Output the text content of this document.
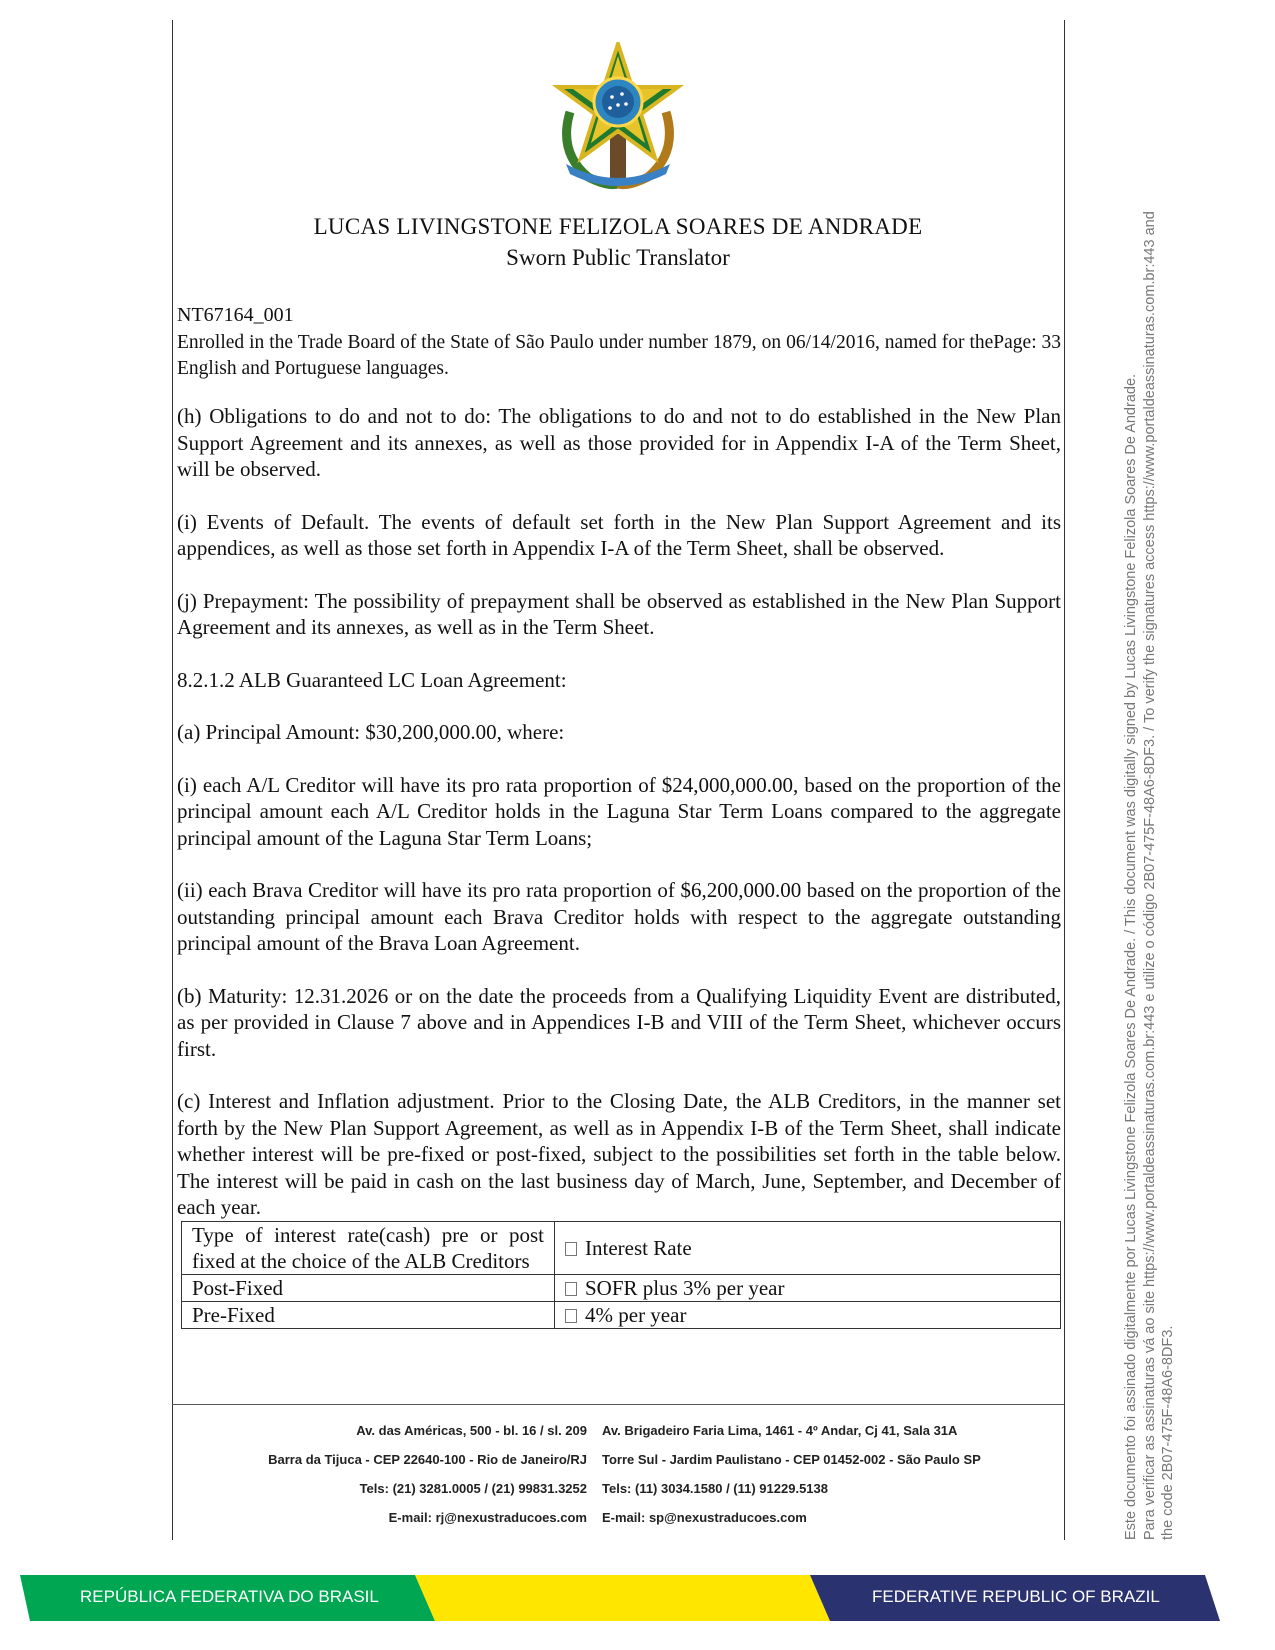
LUCAS LIVINGSTONE FELIZOLA SOARES DE ANDRADE
Sworn Public Translator
NT67164_001
Page: 33
Enrolled in the Trade Board of the State of São Paulo under number 1879, on 06/14/2016, named for the English and Portuguese languages.

(h) Obligations to do and not to do: The obligations to do and not to do established in the New Plan Support Agreement and its annexes, as well as those provided for in Appendix I-A of the Term Sheet, will be observed.

(i) Events of Default. The events of default set forth in the New Plan Support Agreement and its appendices, as well as those set forth in Appendix I-A of the Term Sheet, shall be observed.

(j) Prepayment: The possibility of prepayment shall be observed as established in the New Plan Support Agreement and its annexes, as well as in the Term Sheet.

8.2.1.2 ALB Guaranteed LC Loan Agreement:

(a) Principal Amount: $30,200,000.00, where:

(i) each A/L Creditor will have its pro rata proportion of $24,000,000.00, based on the proportion of the principal amount each A/L Creditor holds in the Laguna Star Term Loans compared to the aggregate principal amount of the Laguna Star Term Loans;

(ii) each Brava Creditor will have its pro rata proportion of $6,200,000.00 based on the proportion of the outstanding principal amount each Brava Creditor holds with respect to the aggregate outstanding principal amount of the Brava Loan Agreement.

(b) Maturity: 12.31.2026 or on the date the proceeds from a Qualifying Liquidity Event are distributed, as per provided in Clause 7 above and in Appendices I-B and VIII of the Term Sheet, whichever occurs first.

(c) Interest and Inflation adjustment. Prior to the Closing Date, the ALB Creditors, in the manner set forth by the New Plan Support Agreement, as well as in Appendix I-B of the Term Sheet, shall indicate whether interest will be pre-fixed or post-fixed, subject to the possibilities set forth in the table below. The interest will be paid in cash on the last business day of March, June, September, and December of each year.

Type of interest rate(cash) pre or post fixed at the choice of the ALB Creditors	Interest Rate
Post-Fixed	SOFR plus 3% per year
Pre-Fixed	4% per year
Av. das Américas, 500 - bl. 16 / sl. 209
Barra da Tijuca - CEP 22640-100 - Rio de Janeiro/RJ
Tels: (21) 3281.0005 / (21) 99831.3252
E-mail: rj@nexustraducoes.com
Av. Brigadeiro Faria Lima, 1461 - 4º Andar, Cj 41, Sala 31A
Torre Sul - Jardim Paulistano - CEP 01452-002 - São Paulo SP
Tels: (11) 3034.1580 / (11) 91229.5138
E-mail: sp@nexustraducoes.com	Este documento foi assinado digitalmente por Lucas Livingstone Felizola Soares De Andrade. / This document was digitally signed by Lucas Livingstone Felizola Soares De Andrade. Para verificar as assinaturas vá ao site https://www.portaldeassinaturas.com.br:443 e utilize o código 2B07-475F-48A6-8DF3. / To verify the signatures access https://www.portaldeassinaturas.com.br:443 and the code 2B07-475F-48A6-8DF3.
REPÚBLICA FEDERATIVA DO BRASIL	FEDERATIVE REPUBLIC OF BRAZIL
